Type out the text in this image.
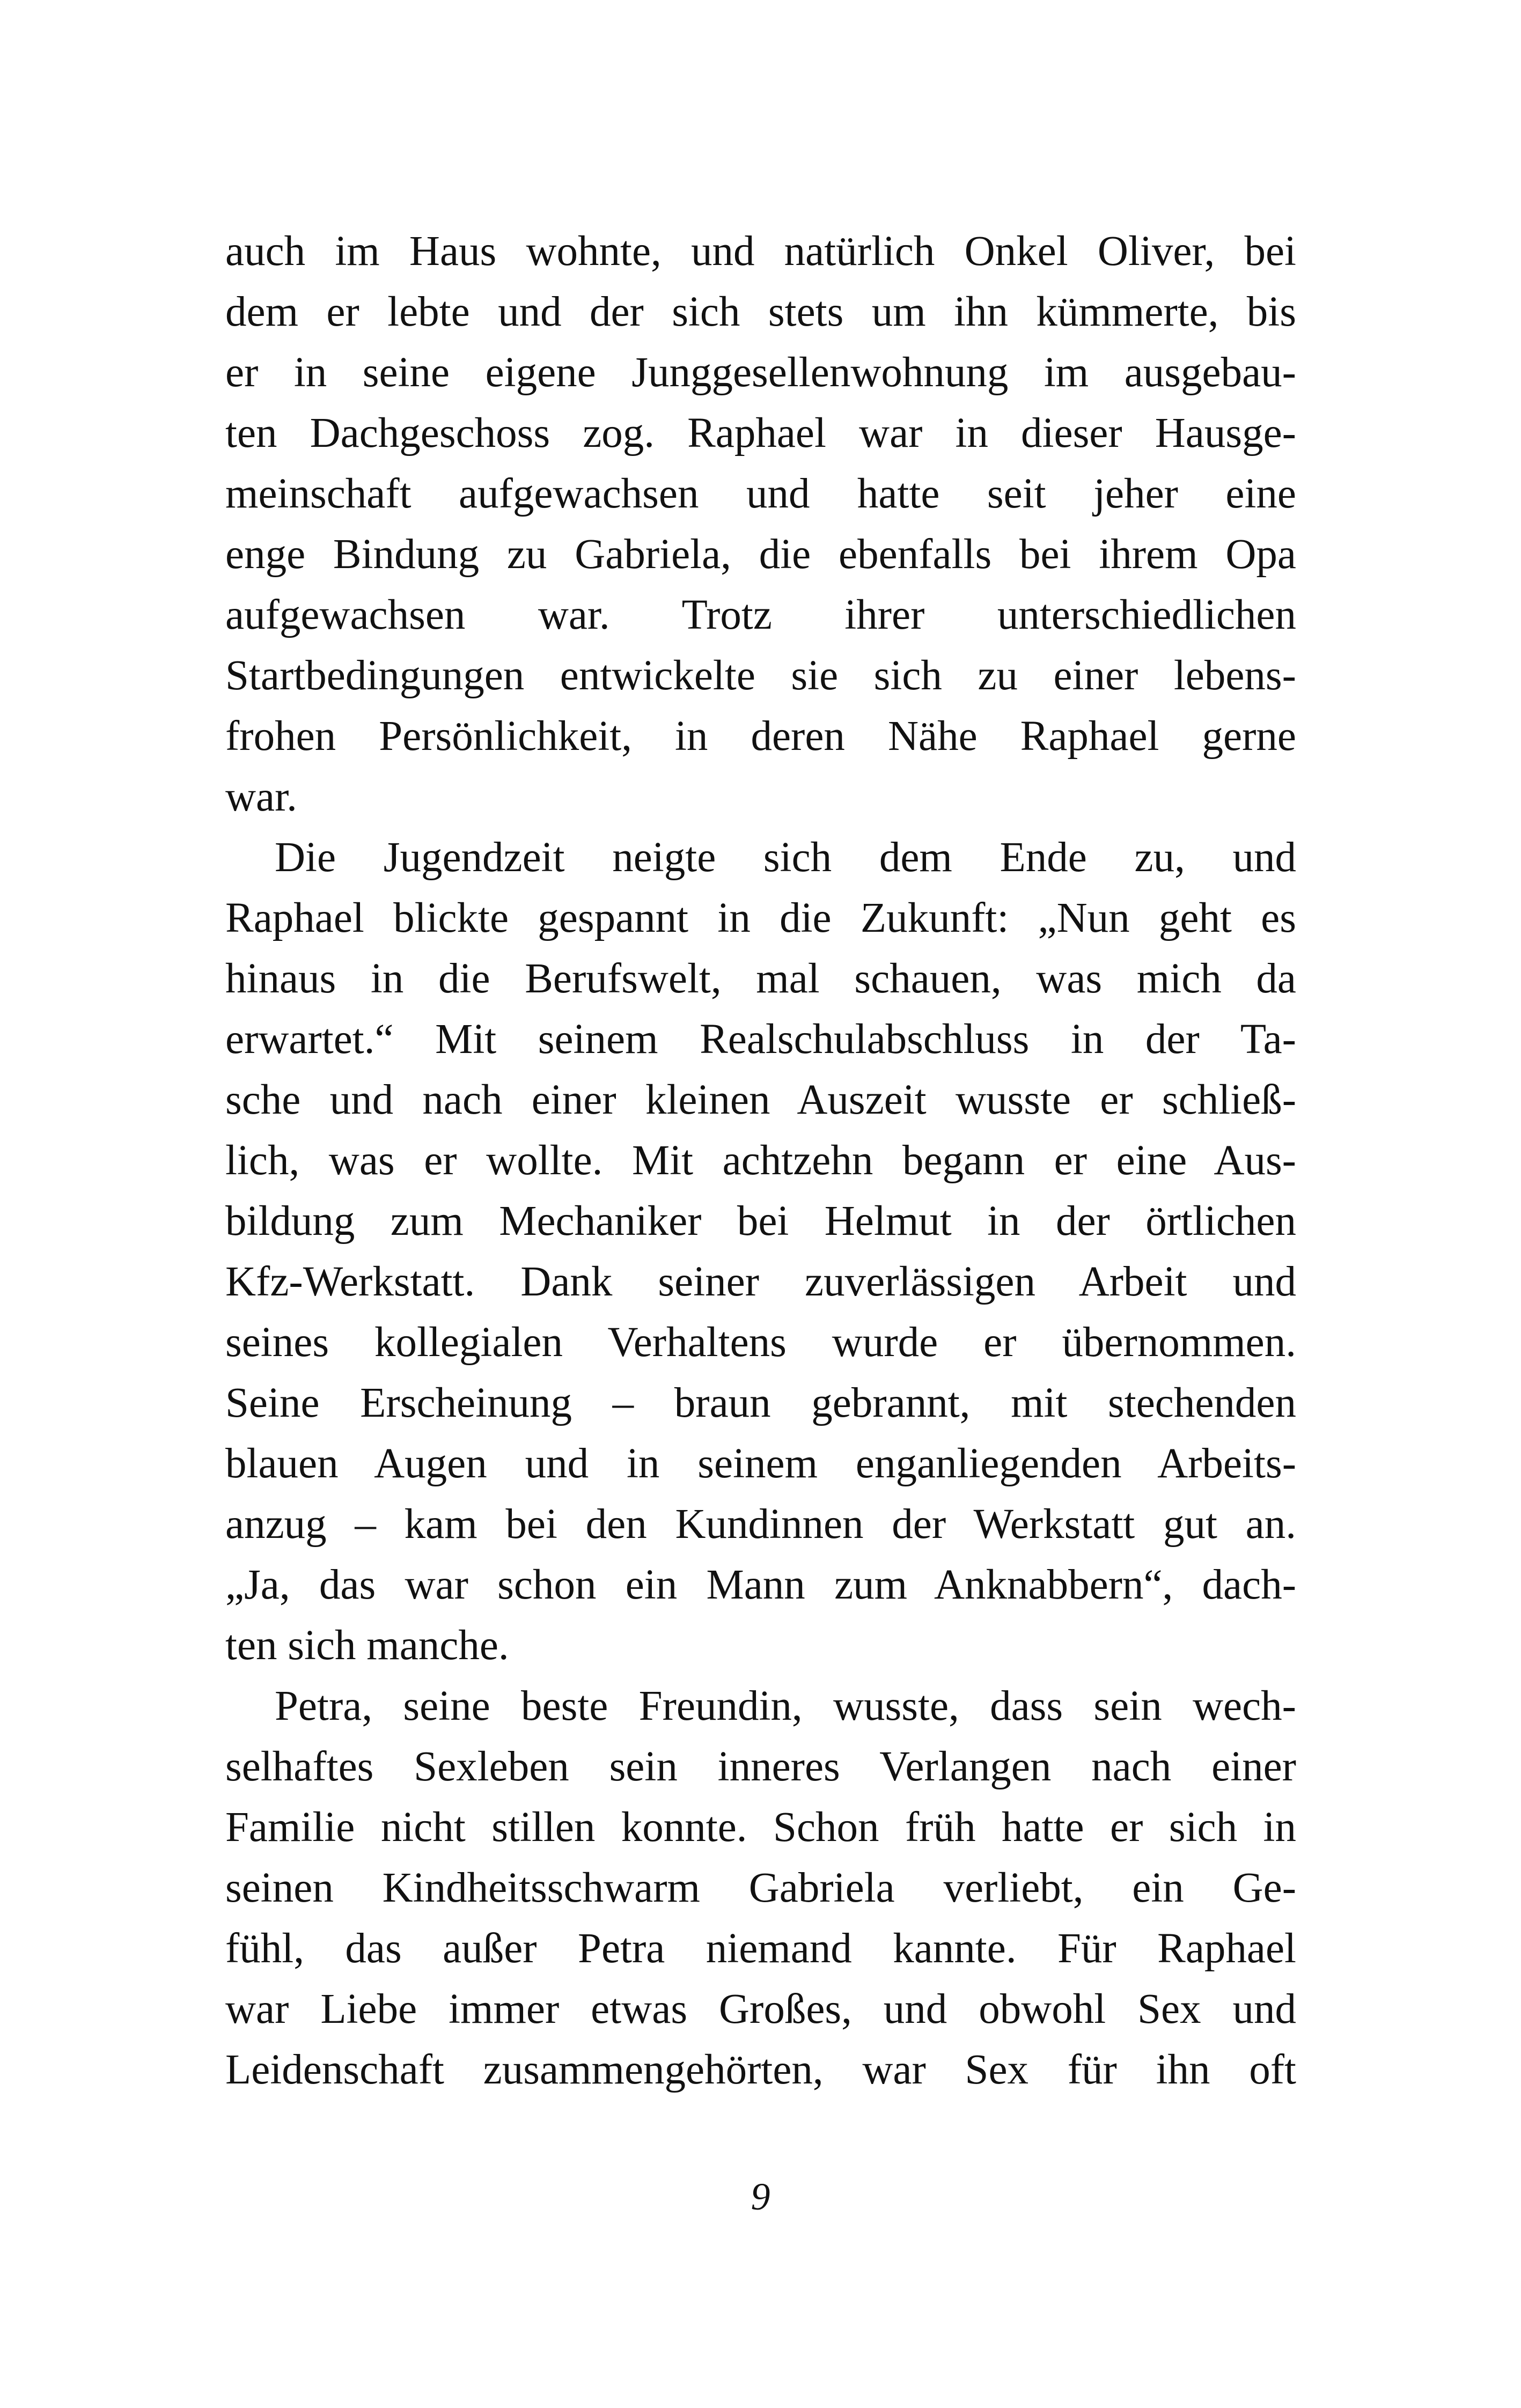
auch im Haus wohnte, und natürlich Onkel Oliver, bei
dem er lebte und der sich stets um ihn kümmerte, bis
er in seine eigene Junggesellenwohnung im ausgebau-
ten Dachgeschoss zog. Raphael war in dieser Hausge-
meinschaft aufgewachsen und hatte seit jeher eine
enge Bindung zu Gabriela, die ebenfalls bei ihrem Opa
aufgewachsen war. Trotz ihrer unterschiedlichen
Startbedingungen entwickelte sie sich zu einer lebens-
frohen Persönlichkeit, in deren Nähe Raphael gerne
war.
Die Jugendzeit neigte sich dem Ende zu, und
Raphael blickte gespannt in die Zukunft: „Nun geht es
hinaus in die Berufswelt, mal schauen, was mich da
erwartet.“ Mit seinem Realschulabschluss in der Ta-
sche und nach einer kleinen Auszeit wusste er schließ-
lich, was er wollte. Mit achtzehn begann er eine Aus-
bildung zum Mechaniker bei Helmut in der örtlichen
Kfz-Werkstatt. Dank seiner zuverlässigen Arbeit und
seines kollegialen Verhaltens wurde er übernommen.
Seine Erscheinung – braun gebrannt, mit stechenden
blauen Augen und in seinem enganliegenden Arbeits-
anzug – kam bei den Kundinnen der Werkstatt gut an.
„Ja, das war schon ein Mann zum Anknabbern“, dach-
ten sich manche.
Petra, seine beste Freundin, wusste, dass sein wech-
selhaftes Sexleben sein inneres Verlangen nach einer
Familie nicht stillen konnte. Schon früh hatte er sich in
seinen Kindheitsschwarm Gabriela verliebt, ein Ge-
fühl, das außer Petra niemand kannte. Für Raphael
war Liebe immer etwas Großes, und obwohl Sex und
Leidenschaft zusammengehörten, war Sex für ihn oft
9
